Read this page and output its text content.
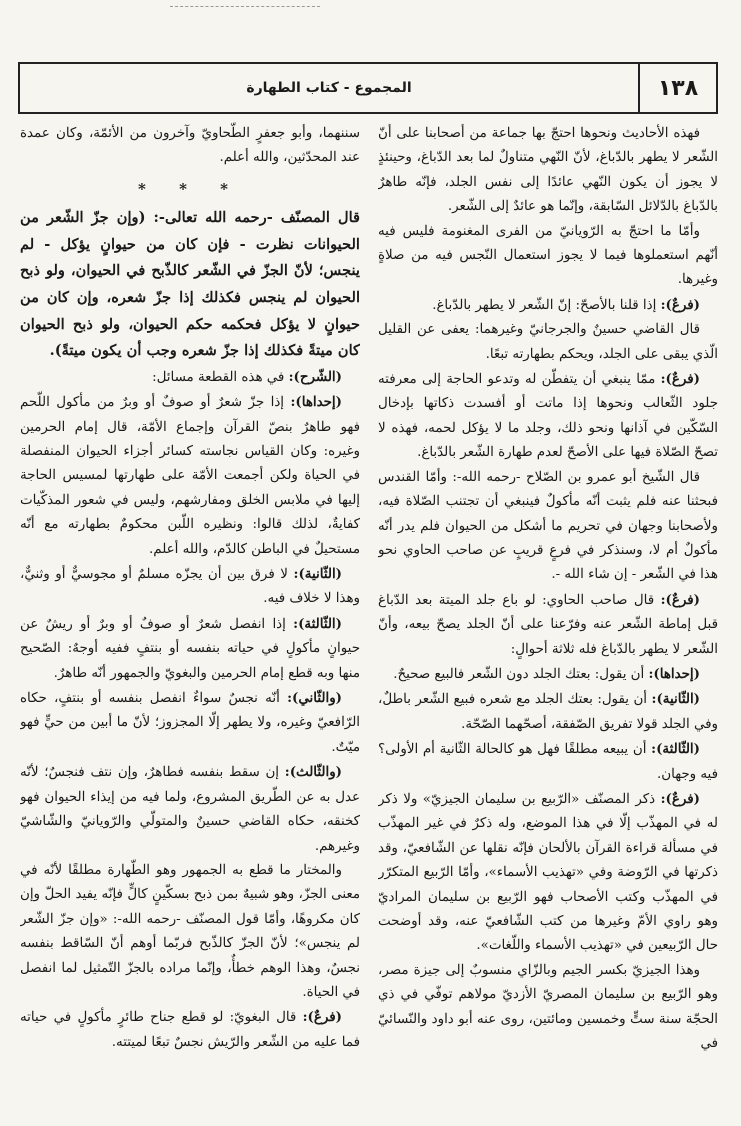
١٣٨
المجموع - كتاب الطهارة

فهذه الأحاديث ونحوها احتجّ بها جماعة من أصحابنا على أنّ الشّعر لا يطهر بالدّباغ، لأنّ النّهي متناولٌ لما بعد الدّباغ، وحينئذٍ لا يجوز أن يكون النّهي عائدًا إلى نفس الجلد، فإنّه طاهرٌ بالدّباغ بالدّلائل السّابقة، وإنّما هو عائدٌ إلى الشّعر.

وأمّا ما احتجّ به الرّويانيّ من الفرى المغنومة فليس فيه أنّهم استعملوها فيما لا يجوز استعمال النّجس فيه من صلاةٍ وغيرها.

(فرعٌ): إذا قلنا بالأصحّ: إنّ الشّعر لا يطهر بالدّباغ.

قال القاضي حسينٌ والجرجانيّ وغيرهما: يعفى عن القليل الّذي يبقى على الجلد، ويحكم بطهارته تبعًا.

(فرعٌ): ممّا ينبغي أن يتفطّن له وتدعو الحاجة إلى معرفته جلود الثّعالب ونحوها إذا ماتت أو أفسدت ذكاتها بإدخال السّكّين في آذانها ونحو ذلك، وجلد ما لا يؤكل لحمه، فهذه لا تصحّ الصّلاة فيها على الأصحّ لعدم طهارة الشّعر بالدّباغ.

قال الشّيخ أبو عمرو بن الصّلاح -رحمه الله-: وأمّا القندس فبحثنا عنه فلم يثبت أنّه مأكولٌ فينبغي أن تجتنب الصّلاة فيه، ولأصحابنا وجهان في تحريم ما أشكل من الحيوان فلم يدر أنّه مأكولٌ أم لا، وسنذكر في فرعٍ قريبٍ عن صاحب الحاوي نحو هذا في الشّعر - إن شاء الله -.

(فرعٌ): قال صاحب الحاوي: لو باع جلد الميتة بعد الدّباغ قبل إماطة الشّعر عنه وفرّعنا على أنّ الجلد يصحّ بيعه، وأنّ الشّعر لا يطهر بالدّباغ فله ثلاثة أحوالٍ:

(إحداها): أن يقول: بعتك الجلد دون الشّعر فالبيع صحيحٌ.

(الثّانية): أن يقول: بعتك الجلد مع شعره فبيع الشّعر باطلٌ، وفي الجلد قولا تفريق الصّفقة، أصحّهما الصّحّة.

(الثّالثة): أن يبيعه مطلقًا فهل هو كالحالة الثّانية أم الأولى؟ فيه وجهان.

(فرعٌ): ذكر المصنّف «الرّبيع بن سليمان الجيزيّ» ولا ذكر له في المهذّب إلّا في هذا الموضع، وله ذكرٌ في غير المهذّب في مسألة قراءة القرآن بالألحان فإنّه نقلها عن الشّافعيّ، وقد ذكرتها في الرّوضة وفي «تهذيب الأسماء»، وأمّا الرّبيع المتكرّر في المهذّب وكتب الأصحاب فهو الرّبيع بن سليمان المراديّ وهو راوي الأمّ وغيرها من كتب الشّافعيّ عنه، وقد أوضحت حال الرّبيعين في «تهذيب الأسماء واللّغات».

وهذا الجيزيّ بكسر الجيم وبالزّاي منسوبٌ إلى جيزة مصر، وهو الرّبيع بن سليمان المصريّ الأزديّ مولاهم توفّي في ذي الحجّة سنة ستٍّ وخمسين ومائتين، روى عنه أبو داود والنّسائيّ في

سننهما، وأبو جعفرٍ الطّحاويّ وآخرون من الأئمّة، وكان عمدة عند المحدّثين، والله أعلم.

* * *

قال المصنّف -رحمه الله تعالى-: (وإن جزّ الشّعر من الحيوانات نظرت - فإن كان من حيوانٍ يؤكل - لم ينجس؛ لأنّ الجزّ في الشّعر كالذّبح في الحيوان، ولو ذبح الحيوان لم ينجس فكذلك إذا جزّ شعره، وإن كان من حيوانٍ لا يؤكل فحكمه حكم الحيوان، ولو ذبح الحيوان كان ميتةً فكذلك إذا جزّ شعره وجب أن يكون ميتةً).

(الشّرح): في هذه القطعة مسائل:

(إحداها): إذا جزّ شعرٌ أو صوفٌ أو وبرٌ من مأكول اللّحم فهو طاهرٌ بنصّ القرآن وإجماع الأمّة، قال إمام الحرمين وغيره: وكان القياس نجاسته كسائر أجزاء الحيوان المنفصلة في الحياة ولكن أجمعت الأمّة على طهارتها لمسيس الحاجة إليها في ملابس الخلق ومفارشهم، وليس في شعور المذكّيات كفايةٌ، لذلك قالوا: ونظيره اللّبن محكومٌ بطهارته مع أنّه مستحيلٌ في الباطن كالدّم، والله أعلم.

(الثّانية): لا فرق بين أن يجزّه مسلمٌ أو مجوسيٌّ أو وثنيٌّ، وهذا لا خلاف فيه.

(الثّالثة): إذا انفصل شعرٌ أو صوفٌ أو وبرٌ أو ريشٌ عن حيوانٍ مأكولٍ في حياته بنفسه أو بنتفٍ ففيه أوجهٌ: الصّحيح منها وبه قطع إمام الحرمين والبغويّ والجمهور أنّه طاهرٌ.

(والثّاني): أنّه نجسٌ سواءٌ انفصل بنفسه أو بنتفٍ، حكاه الرّافعيّ وغيره، ولا يطهر إلّا المجزوز؛ لأنّ ما أبين من حيٍّ فهو ميّتٌ.

(والثّالث): إن سقط بنفسه فطاهرٌ، وإن نتف فنجسٌ؛ لأنّه عدل به عن الطّريق المشروع، ولما فيه من إيذاء الحيوان فهو كخنقه، حكاه القاضي حسينٌ والمتولّي والرّويانيّ والشّاشيّ وغيرهم.

والمختار ما قطع به الجمهور وهو الطّهارة مطلقًا لأنّه في معنى الجزّ، وهو شبيهٌ بمن ذبح بسكّينٍ كالٍّ فإنّه يفيد الحلّ وإن كان مكروهًا، وأمّا قول المصنّف -رحمه الله-: «وإن جزّ الشّعر لم ينجس»؛ لأنّ الجزّ كالذّبح فربّما أوهم أنّ السّاقط بنفسه نجسٌ، وهذا الوهم خطأٌ، وإنّما مراده بالجزّ التّمثيل لما انفصل في الحياة.

(فرعٌ): قال البغويّ: لو قطع جناح طائرٍ مأكولٍ في حياته فما عليه من الشّعر والرّيش نجسٌ تبعًا لميتته.
